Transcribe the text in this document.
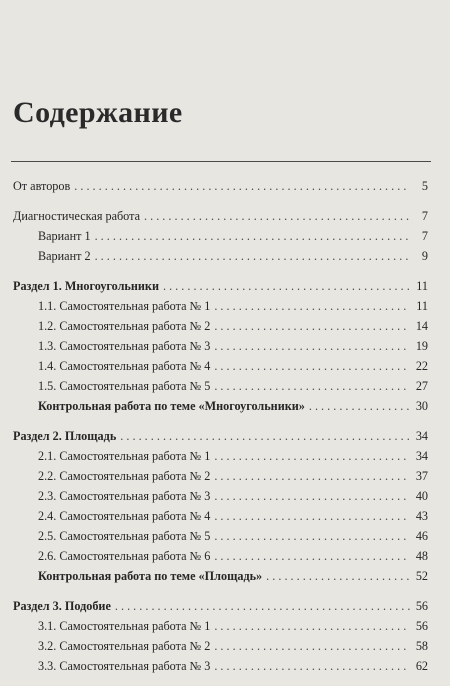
Содержание
От авторов . . .	5
Диагностическая работа . . .	7
Вариант 1 . . .	7
Вариант 2 . . .	9
Раздел 1. Многоугольники . . .	11
1.1. Самостоятельная работа № 1 . . .	11
1.2. Самостоятельная работа № 2 . . .	14
1.3. Самостоятельная работа № 3 . . .	19
1.4. Самостоятельная работа № 4 . . .	22
1.5. Самостоятельная работа № 5 . . .	27
Контрольная работа по теме «Многоугольники» . . .	30
Раздел 2. Площадь . . .	34
2.1. Самостоятельная работа № 1 . . .	34
2.2. Самостоятельная работа № 2 . . .	37
2.3. Самостоятельная работа № 3 . . .	40
2.4. Самостоятельная работа № 4 . . .	43
2.5. Самостоятельная работа № 5 . . .	46
2.6. Самостоятельная работа № 6 . . .	48
Контрольная работа по теме «Площадь» . . .	52
Раздел 3. Подобие . . .	56
3.1. Самостоятельная работа № 1 . . .	56
3.2. Самостоятельная работа № 2 . . .	58
3.3. Самостоятельная работа № 3 . . .	62
